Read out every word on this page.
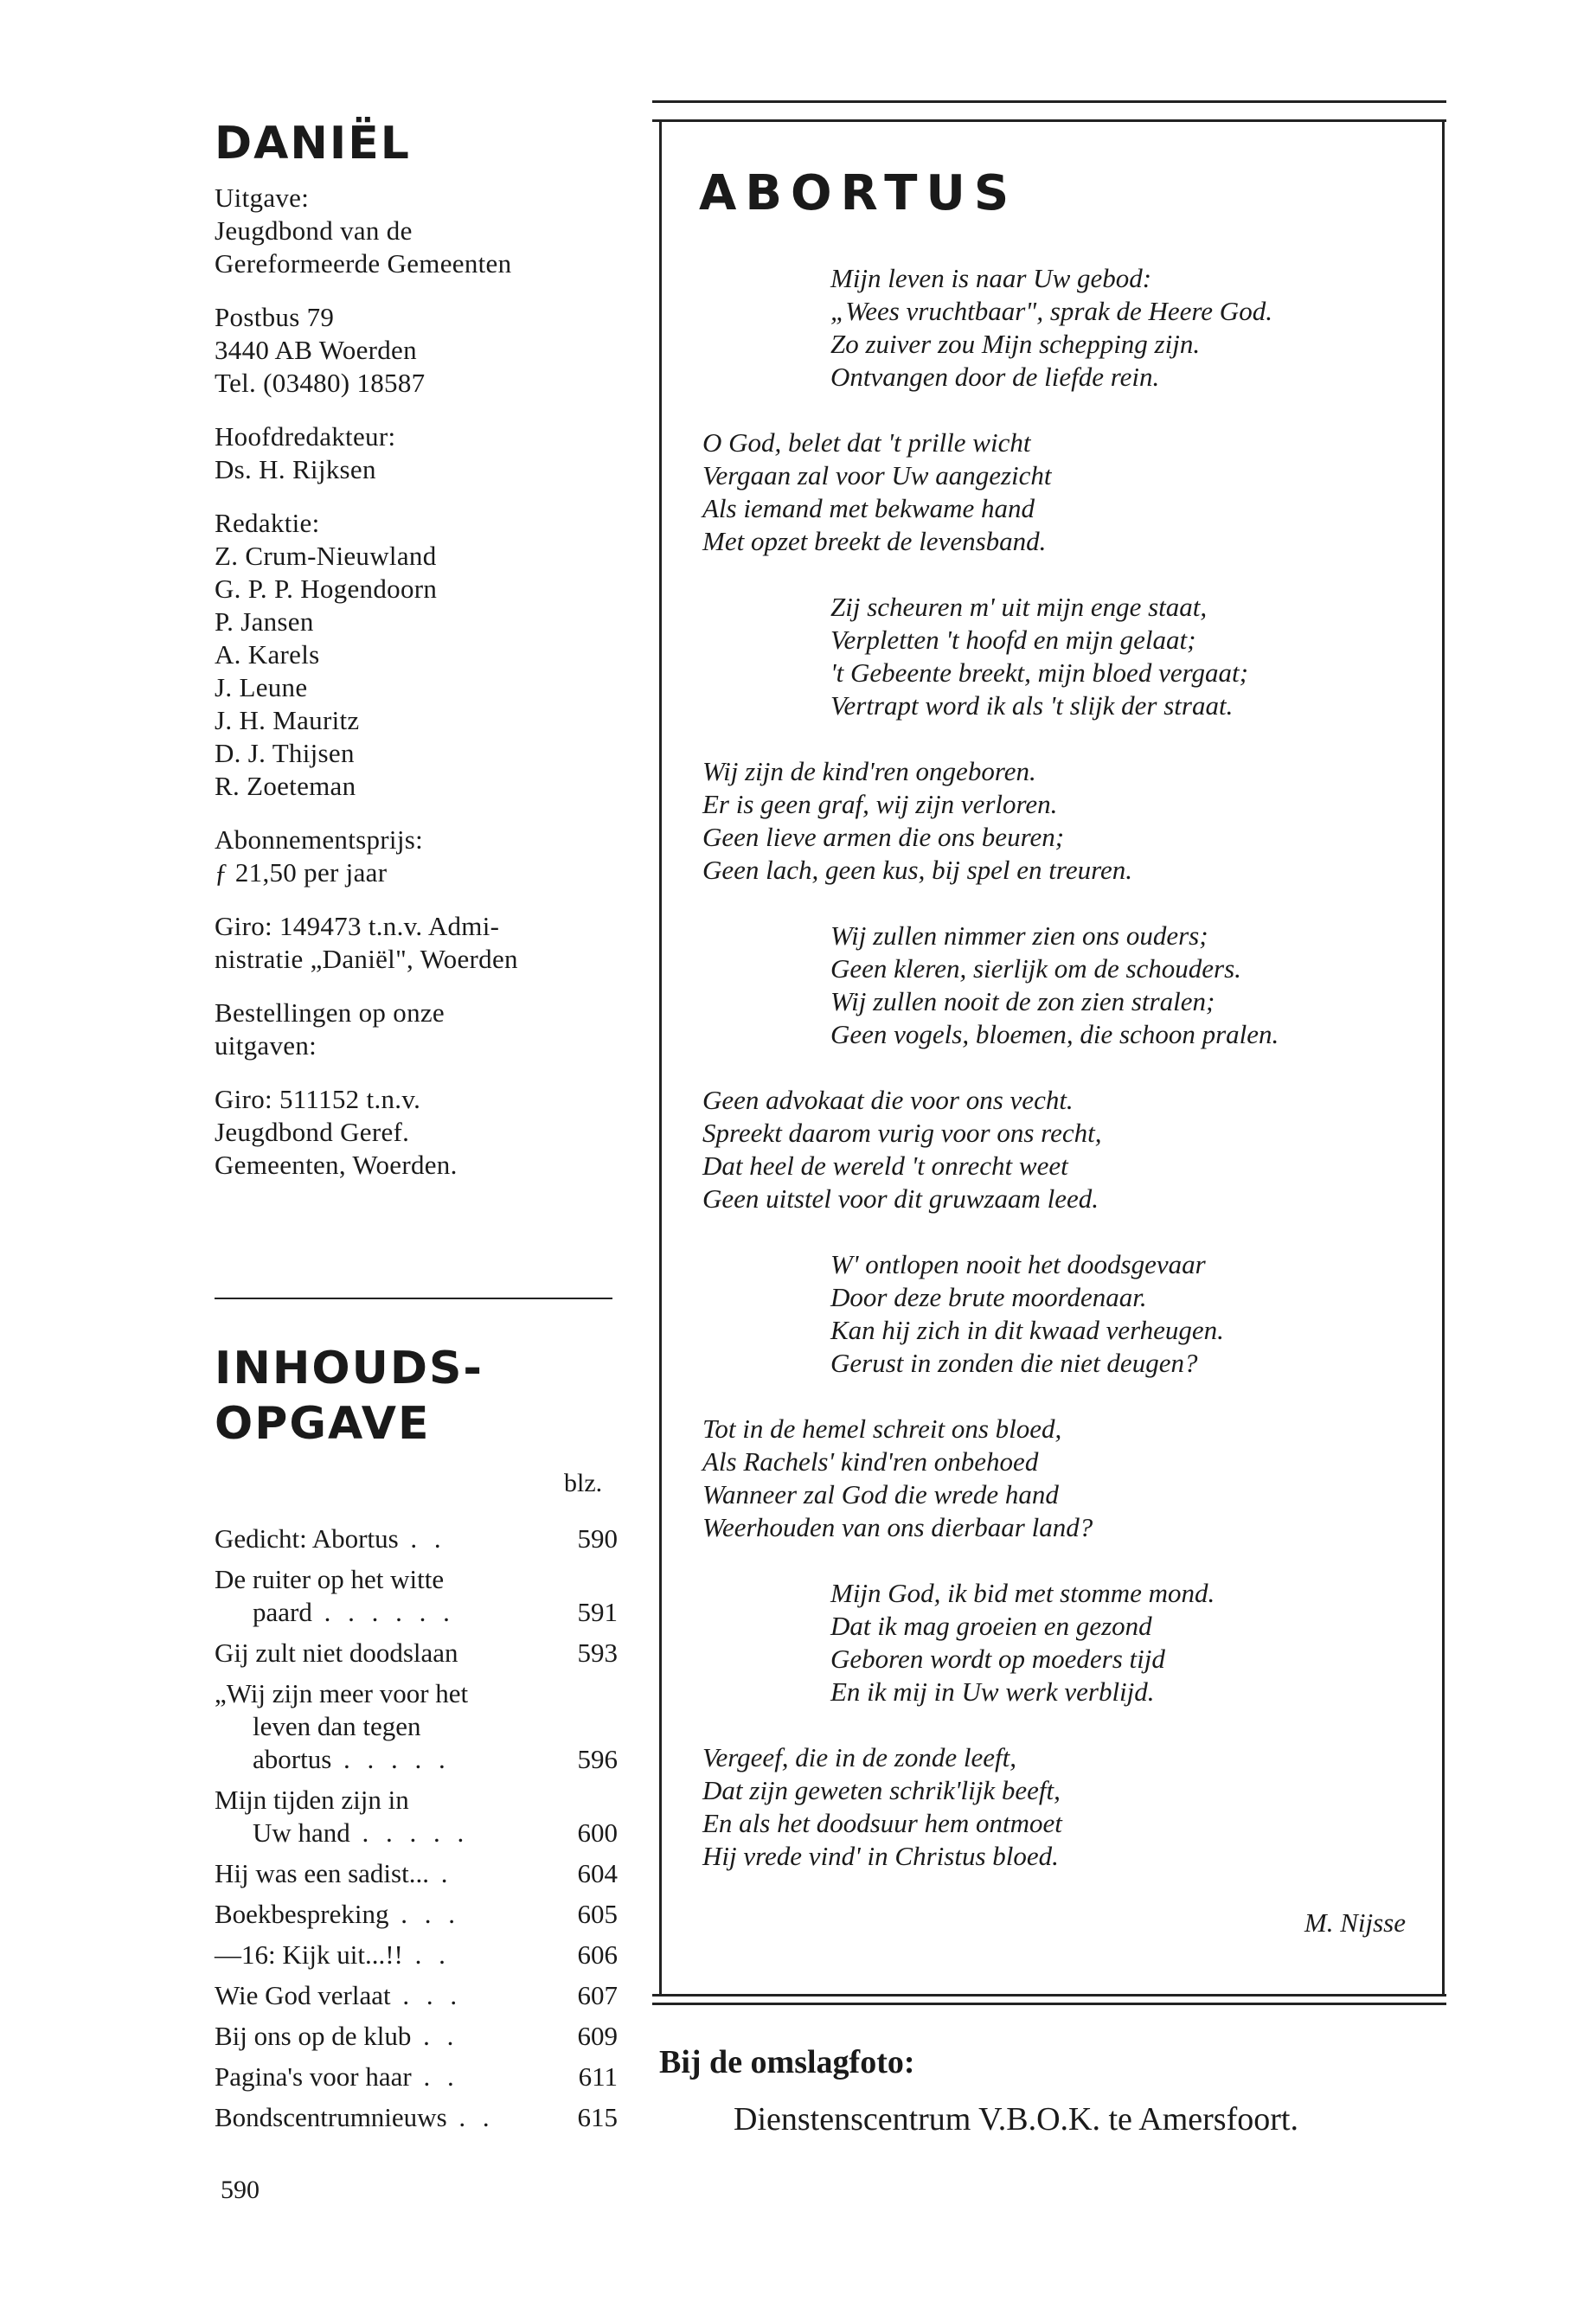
DANIËL
Uitgave:
Jeugdbond van de
Gereformeerde Gemeenten
Postbus 79
3440 AB Woerden
Tel. (03480) 18587
Hoofdredakteur:
Ds. H. Rijksen
Redaktie:
Z. Crum-Nieuwland
G. P. P. Hogendoorn
P. Jansen
A. Karels
J. Leune
J. H. Mauritz
D. J. Thijsen
R. Zoeteman
Abonnementsprijs:
ƒ 21,50 per jaar
Giro: 149473 t.n.v. Admi-
nistratie „Daniël", Woerden
Bestellingen op onze
uitgaven:
Giro: 511152 t.n.v.
Jeugdbond Geref.
Gemeenten, Woerden.
INHOUDS-
OPGAVE
blz.
Gedicht: Abortus . .	590
De ruiter op het witte
paard . . . . . .	591
Gij zult niet doodslaan	593
„Wij zijn meer voor het
leven dan tegen
abortus . . . . .	596
Mijn tijden zijn in
Uw hand . . . . .	600
Hij was een sadist... .	604
Boekbespreking . . .	605
—16: Kijk uit...!! . .	606
Wie God verlaat . . .	607
Bij ons op de klub . .	609
Pagina's voor haar . .	611
Bondscentrumnieuws . .	615
590
ABORTUS
Mijn leven is naar Uw gebod:
„Wees vruchtbaar", sprak de Heere God.
Zo zuiver zou Mijn schepping zijn.
Ontvangen door de liefde rein.
O God, belet dat 't prille wicht
Vergaan zal voor Uw aangezicht
Als iemand met bekwame hand
Met opzet breekt de levensband.
Zij scheuren m' uit mijn enge staat,
Verpletten 't hoofd en mijn gelaat;
't Gebeente breekt, mijn bloed vergaat;
Vertrapt word ik als 't slijk der straat.
Wij zijn de kind'ren ongeboren.
Er is geen graf, wij zijn verloren.
Geen lieve armen die ons beuren;
Geen lach, geen kus, bij spel en treuren.
Wij zullen nimmer zien ons ouders;
Geen kleren, sierlijk om de schouders.
Wij zullen nooit de zon zien stralen;
Geen vogels, bloemen, die schoon pralen.
Geen advokaat die voor ons vecht.
Spreekt daarom vurig voor ons recht,
Dat heel de wereld 't onrecht weet
Geen uitstel voor dit gruwzaam leed.
W' ontlopen nooit het doodsgevaar
Door deze brute moordenaar.
Kan hij zich in dit kwaad verheugen.
Gerust in zonden die niet deugen?
Tot in de hemel schreit ons bloed,
Als Rachels' kind'ren onbehoed
Wanneer zal God die wrede hand
Weerhouden van ons dierbaar land?
Mijn God, ik bid met stomme mond.
Dat ik mag groeien en gezond
Geboren wordt op moeders tijd
En ik mij in Uw werk verblijd.
Vergeef, die in de zonde leeft,
Dat zijn geweten schrik'lijk beeft,
En als het doodsuur hem ontmoet
Hij vrede vind' in Christus bloed.
M. Nijsse
Bij de omslagfoto:
Dienstenscentrum V.B.O.K. te Amersfoort.
